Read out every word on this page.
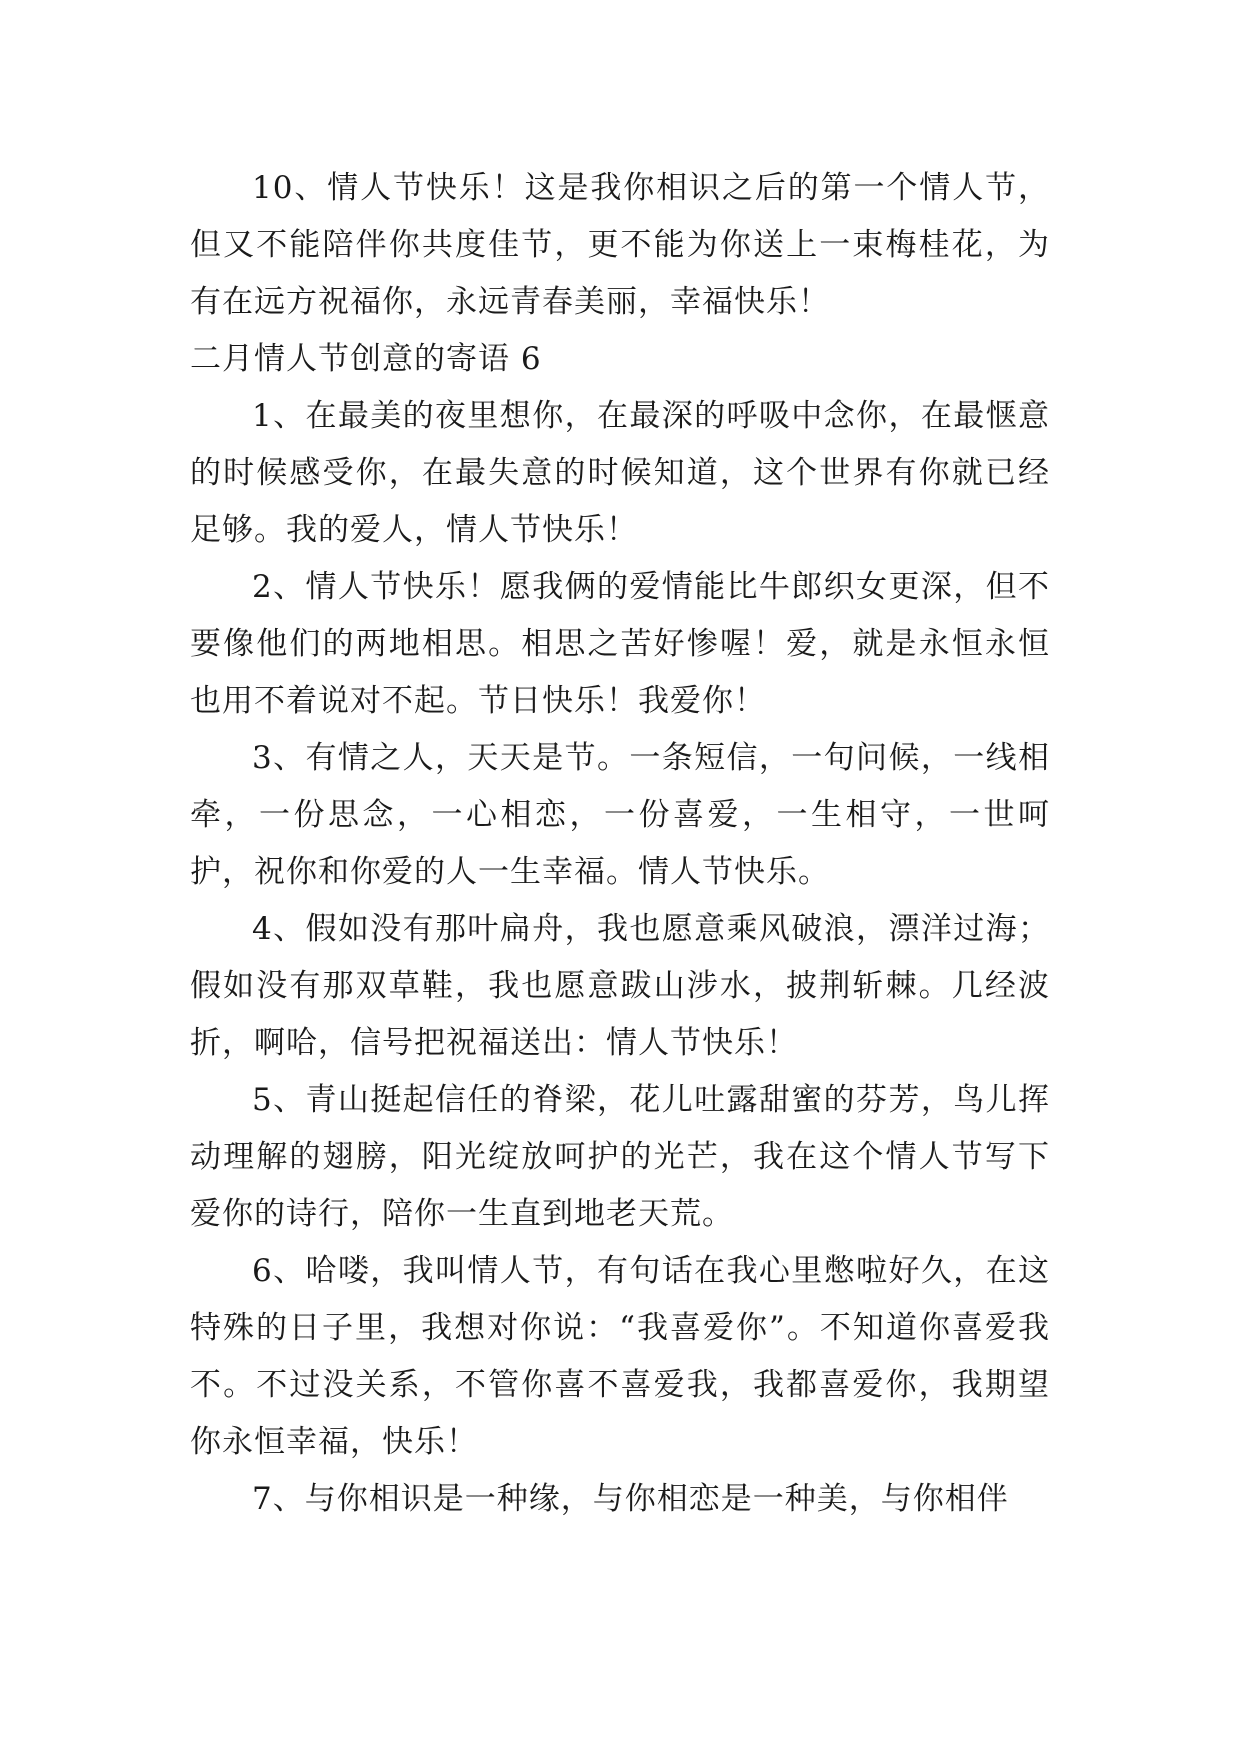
10、情人节快乐！这是我你相识之后的第一个情人节，但又不能陪伴你共度佳节，更不能为你送上一束梅桂花，为有在远方祝福你，永远青春美丽，幸福快乐！

二月情人节创意的寄语 6

1、在最美的夜里想你，在最深的呼吸中念你，在最惬意的时候感受你，在最失意的时候知道，这个世界有你就已经足够。我的爱人，情人节快乐！

2、情人节快乐！愿我俩的爱情能比牛郎织女更深，但不要像他们的两地相思。相思之苦好惨喔！爱，就是永恒永恒也用不着说对不起。节日快乐！我爱你！

3、有情之人，天天是节。一条短信，一句问候，一线相牵，一份思念，一心相恋，一份喜爱，一生相守，一世呵护，祝你和你爱的人一生幸福。情人节快乐。

4、假如没有那叶扁舟，我也愿意乘风破浪，漂洋过海；假如没有那双草鞋，我也愿意跋山涉水，披荆斩棘。几经波折，啊哈，信号把祝福送出：情人节快乐！

5、青山挺起信任的脊梁，花儿吐露甜蜜的芬芳，鸟儿挥动理解的翅膀，阳光绽放呵护的光芒，我在这个情人节写下爱你的诗行，陪你一生直到地老天荒。

6、哈喽，我叫情人节，有句话在我心里憋啦好久，在这特殊的日子里，我想对你说：“我喜爱你”。不知道你喜爱我不。不过没关系，不管你喜不喜爱我，我都喜爱你，我期望你永恒幸福，快乐！

7、与你相识是一种缘，与你相恋是一种美，与你相伴
